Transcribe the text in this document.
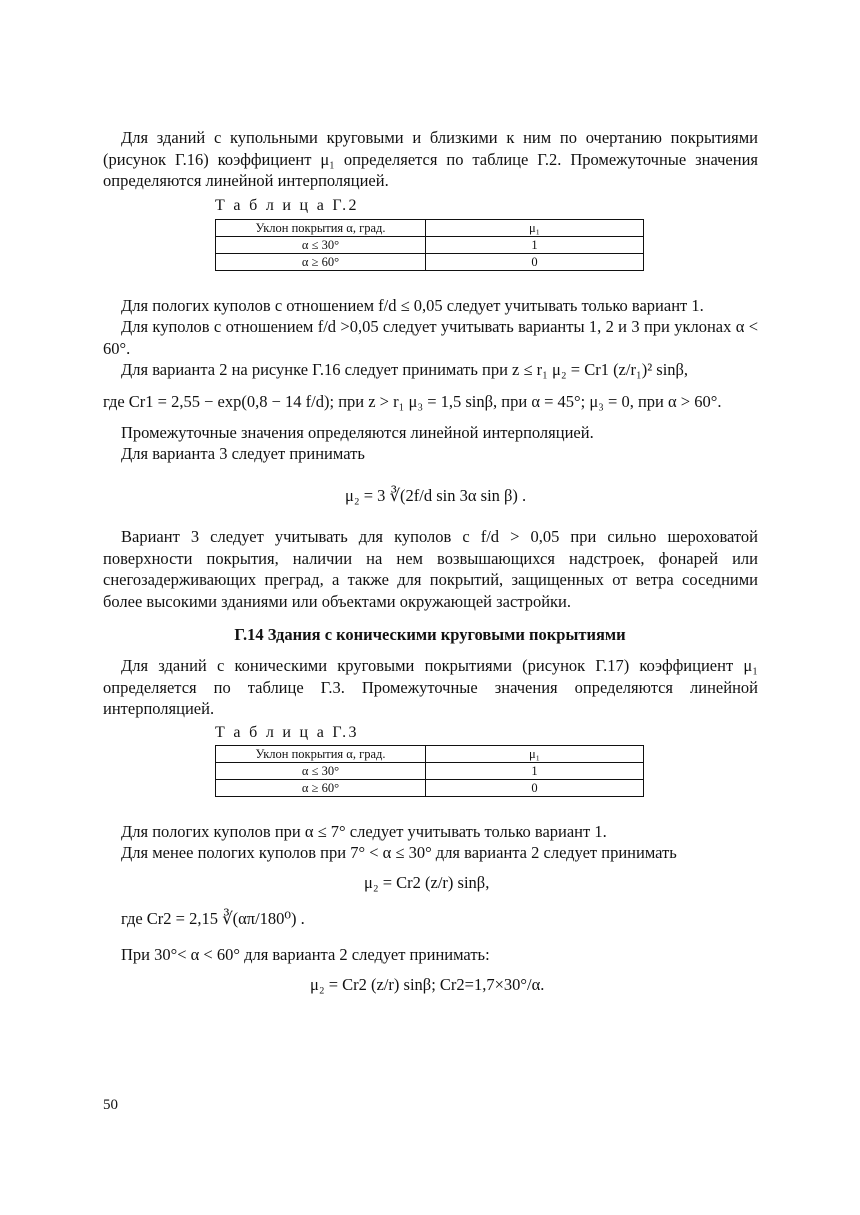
Для зданий с купольными круговыми и близкими к ним по очертанию покрытиями (рисунок Г.16) коэффициент μ₁ определяется по таблице Г.2. Промежуточные значения определяются линейной интерполяцией.

Т а б л и ц а Г.2
Уклон покрытия α, град.	μ₁
α ≤ 30°	1
α ≥ 60°	0
Для пологих куполов с отношением f/d ≤ 0,05 следует учитывать только вариант 1.

Для куполов с отношением f/d >0,05 следует учитывать варианты 1, 2 и 3 при уклонах α < 60°.

Для варианта 2 на рисунке Г.16 следует принимать при z ≤ r₁ μ₂ = Cr1 (z/r₁)² sinβ,
где Cr1 = 2,55 − exp(0,8 − 14 f/d); при z > r₁ μ₃ = 1,5 sinβ, при α = 45°; μ₃ = 0, при α > 60°.
Промежуточные значения определяются линейной интерполяцией.
Для варианта 3 следует принимать
μ₂ = 3 ∛(2f/d sin 3α sin β) .

Вариант 3 следует учитывать для куполов с f/d > 0,05 при сильно шероховатой поверхности покрытия, наличии на нем возвышающихся надстроек, фонарей или снегозадерживающих преград, а также для покрытий, защищенных от ветра соседними более высокими зданиями или объектами окружающей застройки.

Г.14 Здания с коническими круговыми покрытиями

Для зданий с коническими круговыми покрытиями (рисунок Г.17) коэффициент μ₁ определяется по таблице Г.3. Промежуточные значения определяются линейной интерполяцией.

Т а б л и ц а Г.3
Уклон покрытия α, град.	μ₁
α ≤ 30°	1
α ≥ 60°	0
Для пологих куполов при α ≤ 7° следует учитывать только вариант 1.
Для менее пологих куполов при 7° < α ≤ 30° для варианта 2 следует принимать
μ₂ = Cr2 (z/r) sinβ,
где Cr2 = 2,15 ∛(απ/180⁰) .
При 30°< α < 60° для варианта 2 следует принимать:
μ₂ = Cr2 (z/r) sinβ; Cr2=1,7×30°/α.
50
